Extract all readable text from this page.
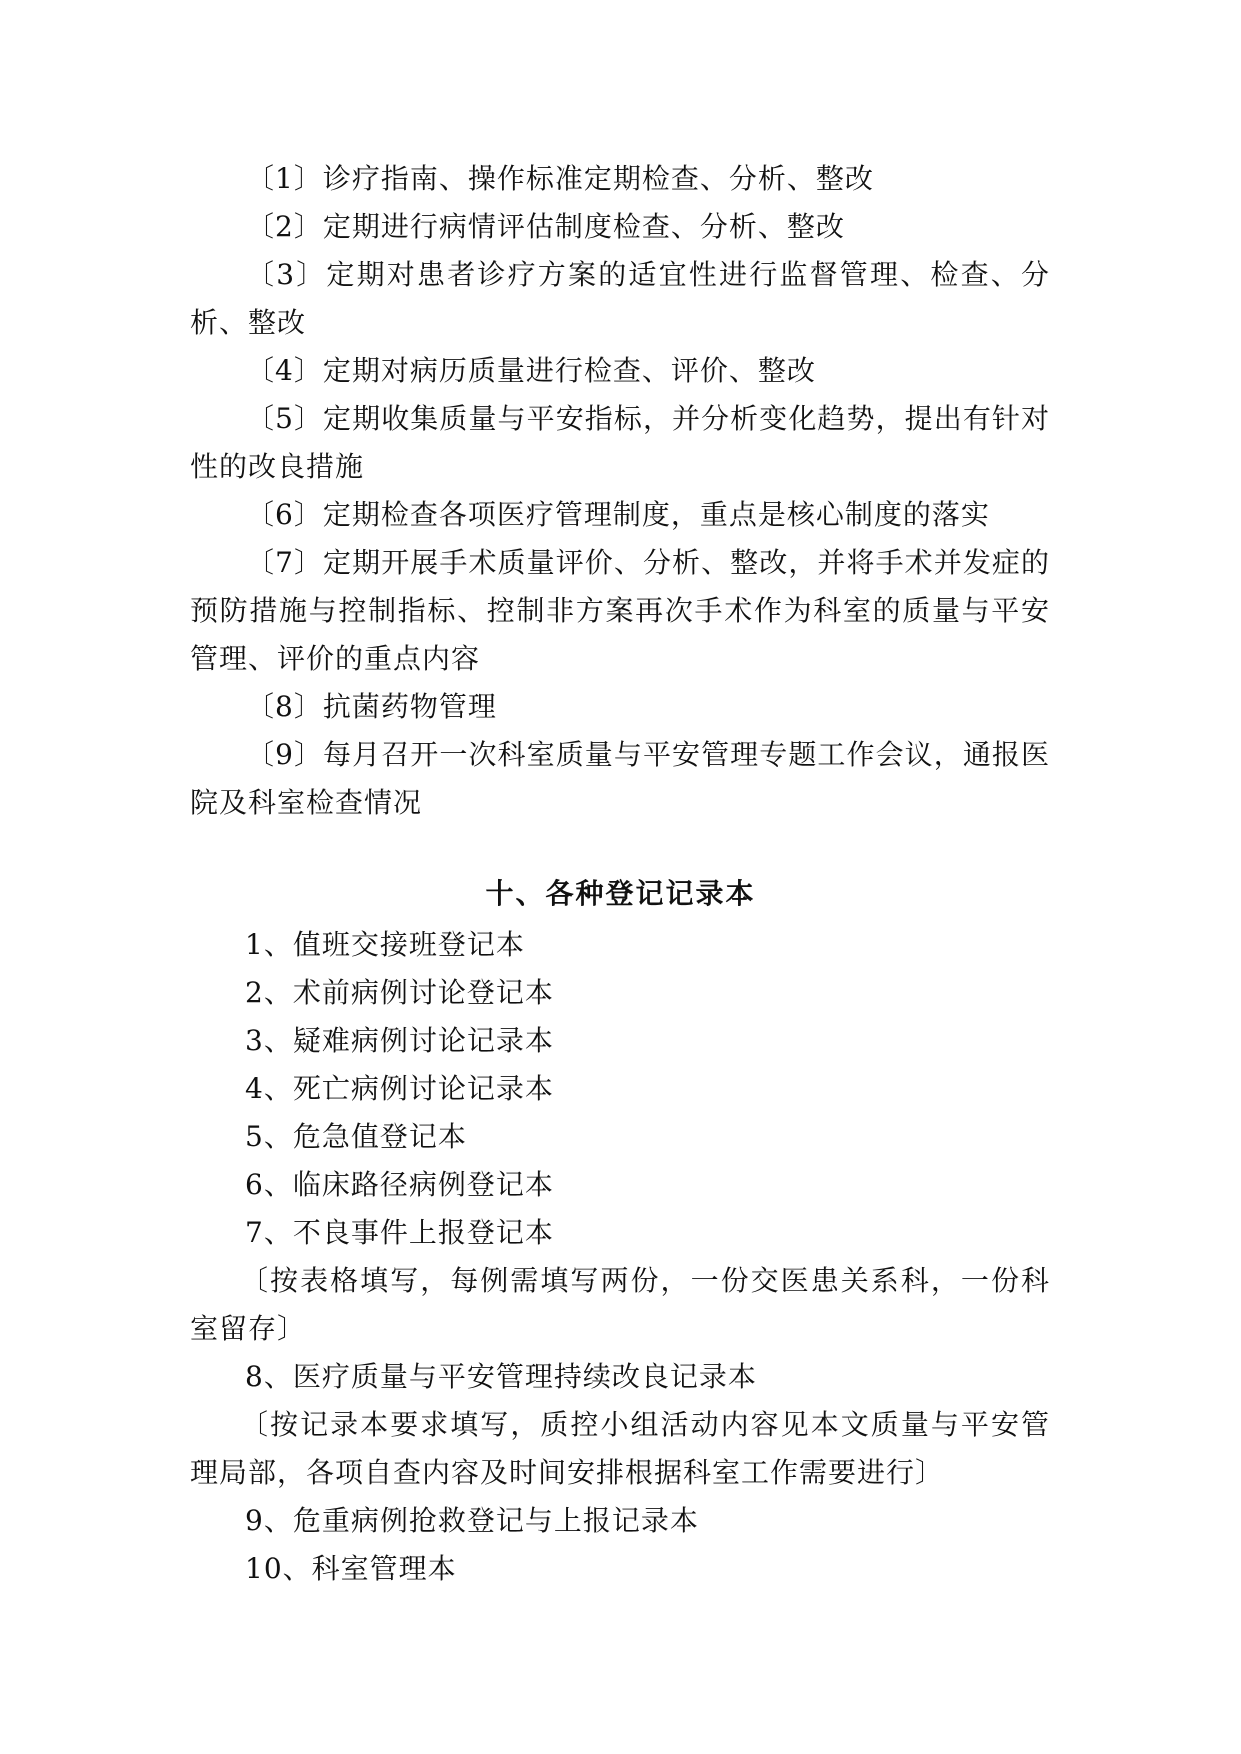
〔1〕诊疗指南、操作标准定期检查、分析、整改

〔2〕定期进行病情评估制度检查、分析、整改

〔3〕定期对患者诊疗方案的适宜性进行监督管理、检查、分析、整改

〔4〕定期对病历质量进行检查、评价、整改

〔5〕定期收集质量与平安指标，并分析变化趋势，提出有针对性的改良措施

〔6〕定期检查各项医疗管理制度，重点是核心制度的落实

〔7〕定期开展手术质量评价、分析、整改，并将手术并发症的预防措施与控制指标、控制非方案再次手术作为科室的质量与平安管理、评价的重点内容

〔8〕抗菌药物管理

〔9〕每月召开一次科室质量与平安管理专题工作会议，通报医院及科室检查情况

十、各种登记记录本

1、值班交接班登记本

2、术前病例讨论登记本

3、疑难病例讨论记录本

4、死亡病例讨论记录本

5、危急值登记本

6、临床路径病例登记本

7、不良事件上报登记本

〔按表格填写，每例需填写两份，一份交医患关系科，一份科室留存〕

8、医疗质量与平安管理持续改良记录本

〔按记录本要求填写，质控小组活动内容见本文质量与平安管理局部，各项自查内容及时间安排根据科室工作需要进行〕

9、危重病例抢救登记与上报记录本

10、科室管理本
